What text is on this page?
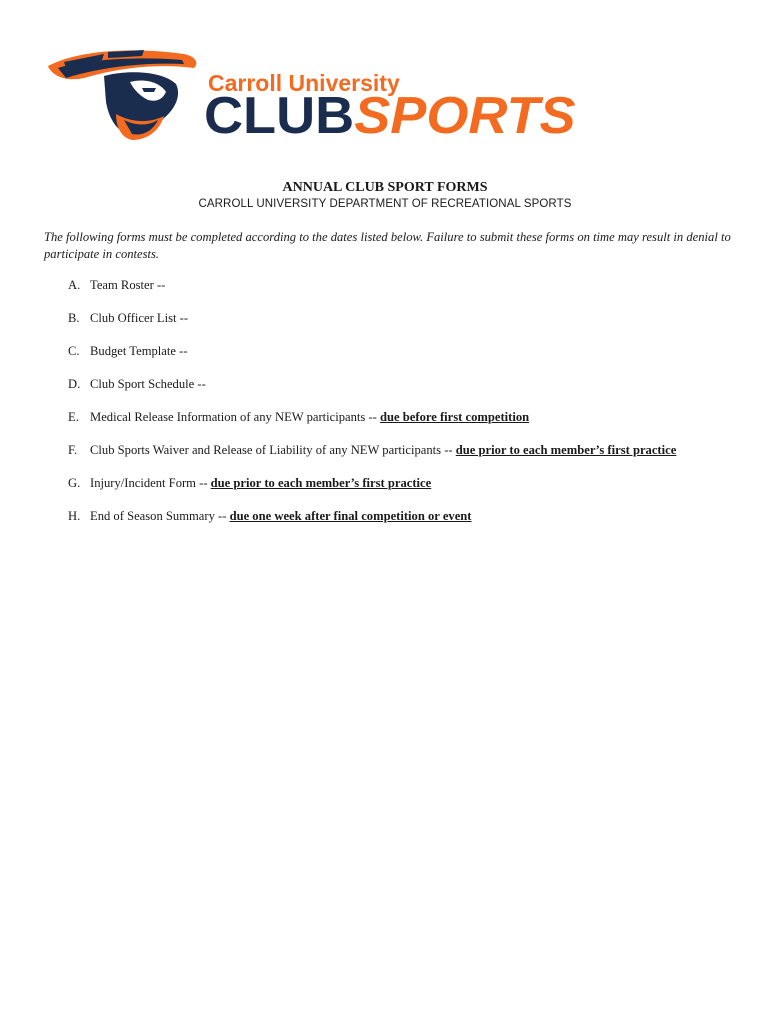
Carroll University
CLUBSPORTS
ANNUAL CLUB SPORT FORMS
CARROLL UNIVERSITY DEPARTMENT OF RECREATIONAL SPORTS
The following forms must be completed according to the dates listed below. Failure to submit these forms on time may result in denial to participate in contests.
A. Team Roster --
B. Club Officer List --
C. Budget Template --
D. Club Sport Schedule --
E. Medical Release Information of any NEW participants -- due before first competition
F. Club Sports Waiver and Release of Liability of any NEW participants -- due prior to each member’s first practice
G. Injury/Incident Form -- due prior to each member’s first practice
H. End of Season Summary -- due one week after final competition or event
